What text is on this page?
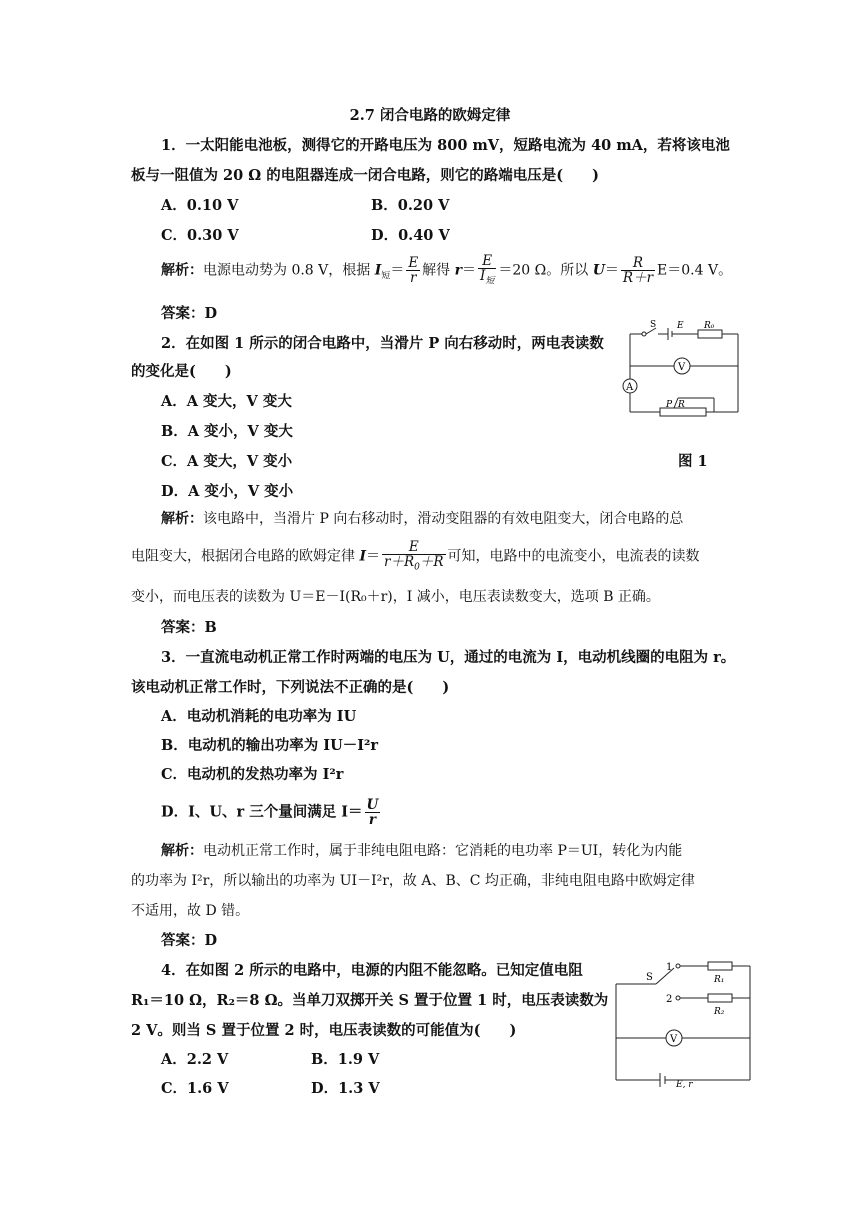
2.7 闭合电路的欧姆定律
1．一太阳能电池板，测得它的开路电压为 800 mV，短路电流为 40 mA，若将该电池
板与一阻值为 20 Ω 的电阻器连成一闭合电路，则它的路端电压是(　　)
A．0.10 V	B．0.20 V
C．0.30 V	D．0.40 V
解析：电源电动势为 0.8 V，根据 $I_短= \frac{E}{r}$ 解得 $r= \frac{E}{I_短} =20$ Ω。所以 $U= \frac{R}{R+r} E=0.4$ V。
答案：D
2．在如图 1 所示的闭合电路中，当滑片 P 向右移动时，两电表读数
的变化是(　　)
A．A 变大，V 变大
B．A 变小，V 变大
C．A 变大，V 变小
D．A 变小，V 变小
S E R₀
V
A
P R
图 1
解析：该电路中，当滑片 P 向右移动时，滑动变阻器的有效电阻变大，闭合电路的总
电阻变大，根据闭合电路的欧姆定律 $I= \frac{E}{r+R_0+R}$ 可知，电路中的电流变小，电流表的读数
变小，而电压表的读数为 U＝E－I(R₀＋r)，I 减小，电压表读数变大，选项 B 正确。
答案：B
3．一直流电动机正常工作时两端的电压为 U，通过的电流为 I，电动机线圈的电阻为 r。
该电动机正常工作时，下列说法不正确的是(　　)
A．电动机消耗的电功率为 IU
B．电动机的输出功率为 IU－I²r
C．电动机的发热功率为 I²r
D．I、U、r 三个量间满足 $I= \frac{U}{r}$
解析：电动机正常工作时，属于非纯电阻电路：它消耗的电功率 P＝UI，转化为内能
的功率为 I²r，所以输出的功率为 UI－I²r，故 A、B、C 均正确，非纯电阻电路中欧姆定律
不适用，故 D 错。
答案：D
4．在如图 2 所示的电路中，电源的内阻不能忽略。已知定值电阻
R₁＝10 Ω，R₂＝8 Ω。当单刀双掷开关 S 置于位置 1 时，电压表读数为
2 V。则当 S 置于位置 2 时，电压表读数的可能值为(　　)
A．2.2 V	B．1.9 V
C．1.6 V	D．1.3 V
S
1
2
R₁
R₂
V
E, r
